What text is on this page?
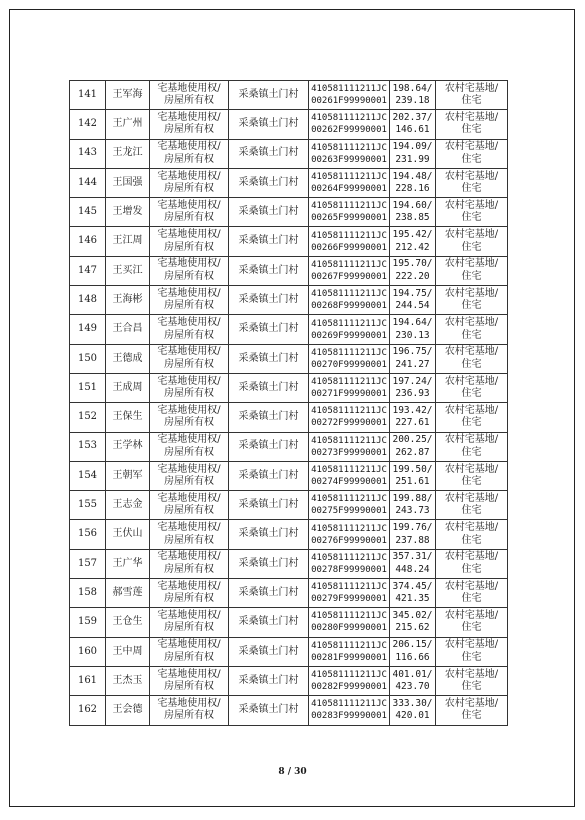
141	王军海	宅基地使用权/
房屋所有权	采桑镇土门村	410581111211JC
00261F99990001	198.64/
239.18	农村宅基地/
住宅

142	王广州	宅基地使用权/
房屋所有权	采桑镇土门村	410581111211JC
00262F99990001	202.37/
146.61	农村宅基地/
住宅

143	王龙江	宅基地使用权/
房屋所有权	采桑镇土门村	410581111211JC
00263F99990001	194.09/
231.99	农村宅基地/
住宅

144	王国强	宅基地使用权/
房屋所有权	采桑镇土门村	410581111211JC
00264F99990001	194.48/
228.16	农村宅基地/
住宅

145	王增发	宅基地使用权/
房屋所有权	采桑镇土门村	410581111211JC
00265F99990001	194.60/
238.85	农村宅基地/
住宅

146	王江周	宅基地使用权/
房屋所有权	采桑镇土门村	410581111211JC
00266F99990001	195.42/
212.42	农村宅基地/
住宅

147	王买江	宅基地使用权/
房屋所有权	采桑镇土门村	410581111211JC
00267F99990001	195.70/
222.20	农村宅基地/
住宅

148	王海彬	宅基地使用权/
房屋所有权	采桑镇土门村	410581111211JC
00268F99990001	194.75/
244.54	农村宅基地/
住宅

149	王合昌	宅基地使用权/
房屋所有权	采桑镇土门村	410581111211JC
00269F99990001	194.64/
230.13	农村宅基地/
住宅

150	王德成	宅基地使用权/
房屋所有权	采桑镇土门村	410581111211JC
00270F99990001	196.75/
241.27	农村宅基地/
住宅

151	王成周	宅基地使用权/
房屋所有权	采桑镇土门村	410581111211JC
00271F99990001	197.24/
236.93	农村宅基地/
住宅

152	王保生	宅基地使用权/
房屋所有权	采桑镇土门村	410581111211JC
00272F99990001	193.42/
227.61	农村宅基地/
住宅

153	王学林	宅基地使用权/
房屋所有权	采桑镇土门村	410581111211JC
00273F99990001	200.25/
262.87	农村宅基地/
住宅

154	王朝军	宅基地使用权/
房屋所有权	采桑镇土门村	410581111211JC
00274F99990001	199.50/
251.61	农村宅基地/
住宅

155	王志金	宅基地使用权/
房屋所有权	采桑镇土门村	410581111211JC
00275F99990001	199.88/
243.73	农村宅基地/
住宅

156	王伏山	宅基地使用权/
房屋所有权	采桑镇土门村	410581111211JC
00276F99990001	199.76/
237.88	农村宅基地/
住宅

157	王广华	宅基地使用权/
房屋所有权	采桑镇土门村	410581111211JC
00278F99990001	357.31/
448.24	农村宅基地/
住宅

158	郝雪莲	宅基地使用权/
房屋所有权	采桑镇土门村	410581111211JC
00279F99990001	374.45/
421.35	农村宅基地/
住宅

159	王仓生	宅基地使用权/
房屋所有权	采桑镇土门村	410581111211JC
00280F99990001	345.02/
215.62	农村宅基地/
住宅

160	王中周	宅基地使用权/
房屋所有权	采桑镇土门村	410581111211JC
00281F99990001	206.15/
116.66	农村宅基地/
住宅

161	王杰玉	宅基地使用权/
房屋所有权	采桑镇土门村	410581111211JC
00282F99990001	401.01/
423.70	农村宅基地/
住宅

162	王会德	宅基地使用权/
房屋所有权	采桑镇土门村	410581111211JC
00283F99990001	333.30/
420.01	农村宅基地/
住宅
8 / 30
